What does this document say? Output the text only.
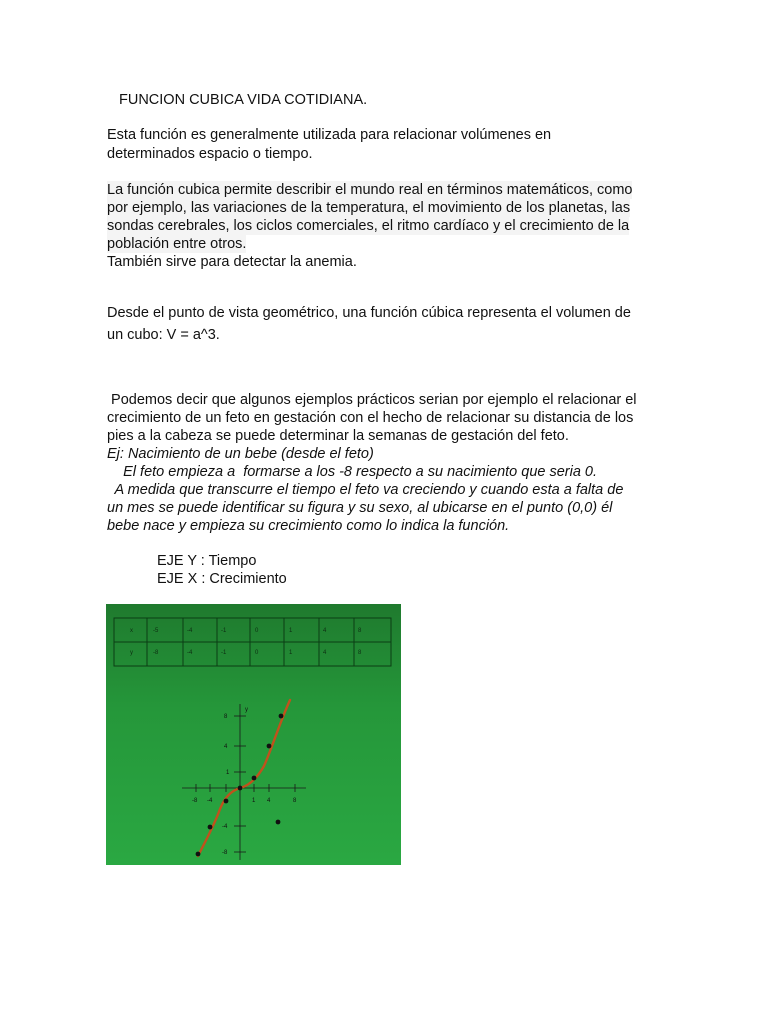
FUNCION CUBICA VIDA COTIDIANA.
Esta función es generalmente utilizada para relacionar volúmenes en
determinados espacio o tiempo.
La función cubica permite describir el mundo real en términos matemáticos, como
por ejemplo, las variaciones de la temperatura, el movimiento de los planetas, las
sondas cerebrales, los ciclos comerciales, el ritmo cardíaco y el crecimiento de la
población entre otros.
También sirve para detectar la anemia.
Desde el punto de vista geométrico, una función cúbica representa el volumen de
un cubo: V = a^3.
Podemos decir que algunos ejemplos prácticos serian por ejemplo el relacionar el
crecimiento de un feto en gestación con el hecho de relacionar su distancia de los
pies a la cabeza se puede determinar la semanas de gestación del feto.
Ej: Nacimiento de un bebe (desde el feto)
El feto empieza a  formarse a los -8 respecto a su nacimiento que seria 0.
A medida que transcurre el tiempo el feto va creciendo y cuando esta a falta de
un mes se puede identificar su figura y su sexo, al ubicarse en el punto (0,0) él
bebe nace y empieza su crecimiento como lo indica la función.
EJE Y : Tiempo
EJE X : Crecimiento
x	-5	-4	-1	0	1	4	8
y	-8	-4	-1	0	1	4	8
y
-8 -4	1 4	8
8
4
1
-4
-8
